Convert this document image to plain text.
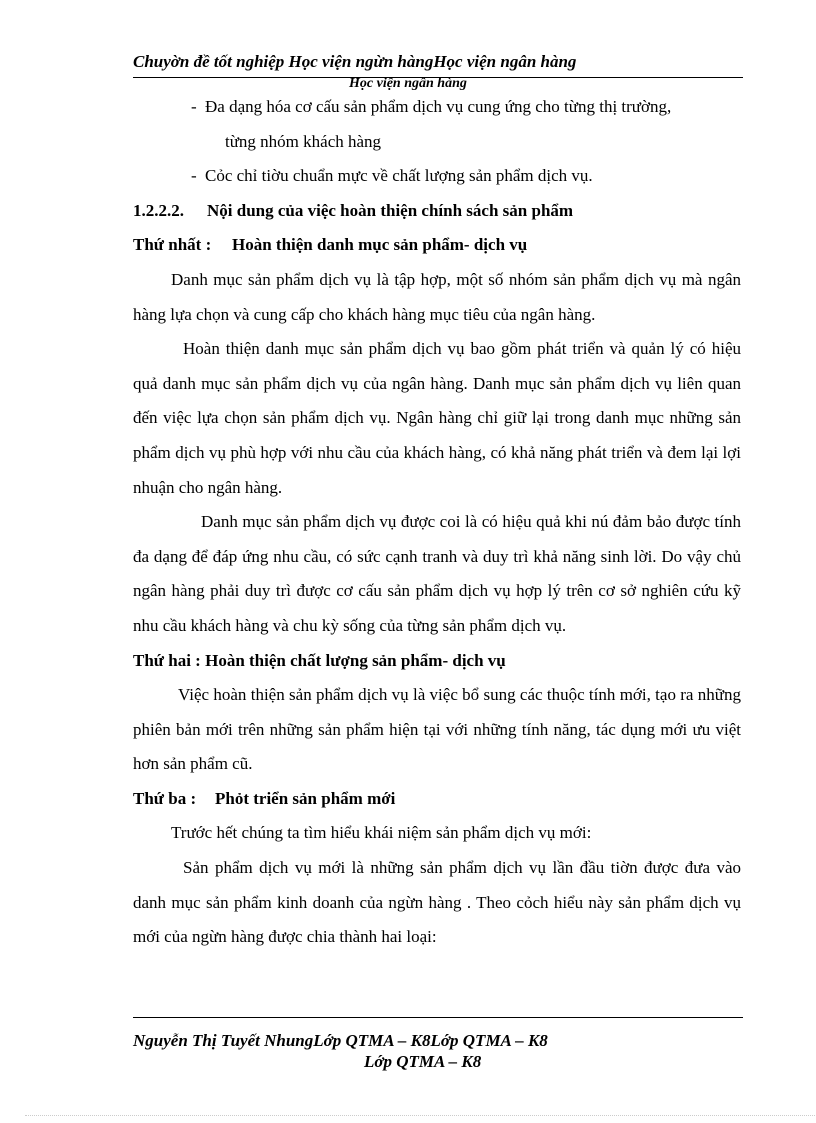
Chuyờn đề tốt nghiệp Học viện ngừn hàngHọc viện ngân hàng
Học viện ngân hàng
- Đa dạng hóa cơ cấu sản phẩm dịch vụ cung ứng cho từng thị trường,
từng nhóm khách hàng
- Cỏc chỉ tiờu chuẩn mực về chất lượng sản phẩm dịch vụ.

1.2.2.2. Nội dung của việc hoàn thiện chính sách sản phẩm

Thứ nhất : Hoàn thiện danh mục sản phẩm- dịch vụ

Danh mục sản phẩm dịch vụ là tập hợp, một số nhóm sản phẩm dịch vụ mà ngân hàng lựa chọn và cung cấp cho khách hàng mục tiêu của ngân hàng.

Hoàn thiện danh mục sản phẩm dịch vụ bao gồm phát triển và quản lý có hiệu quả danh mục sản phẩm dịch vụ của ngân hàng. Danh mục sản phẩm dịch vụ liên quan đến việc lựa chọn sản phẩm dịch vụ. Ngân hàng chỉ giữ lại trong danh mục những sản phẩm dịch vụ phù hợp với nhu cầu của khách hàng, có khả năng phát triển và đem lại lợi nhuận cho ngân hàng.

Danh mục sản phẩm dịch vụ được coi là có hiệu quả khi nú đảm bảo được tính đa dạng để đáp ứng nhu cầu, có sức cạnh tranh và duy trì khả năng sinh lời. Do vậy chủ ngân hàng phải duy trì được cơ cấu sản phẩm dịch vụ hợp lý trên cơ sở nghiên cứu kỹ nhu cầu khách hàng và chu kỳ sống của từng sản phẩm dịch vụ.

Thứ hai : Hoàn thiện chất lượng sản phẩm- dịch vụ

Việc hoàn thiện sản phẩm dịch vụ là việc bổ sung các thuộc tính mới, tạo ra những phiên bản mới trên những sản phẩm hiện tại với những tính năng, tác dụng mới ưu việt hơn sản phẩm cũ.

Thứ ba : Phỏt triển sản phẩm mới

Trước hết chúng ta tìm hiểu khái niệm sản phẩm dịch vụ mới:

Sản phẩm dịch vụ mới là những sản phẩm dịch vụ lần đầu tiờn được đưa vào danh mục sản phẩm kinh doanh của ngừn hàng . Theo cỏch hiểu này sản phẩm dịch vụ mới của ngừn hàng được chia thành hai loại:

Nguyễn Thị Tuyết NhungLớp QTMA – K8Lớp QTMA – K8
Lớp QTMA – K8
